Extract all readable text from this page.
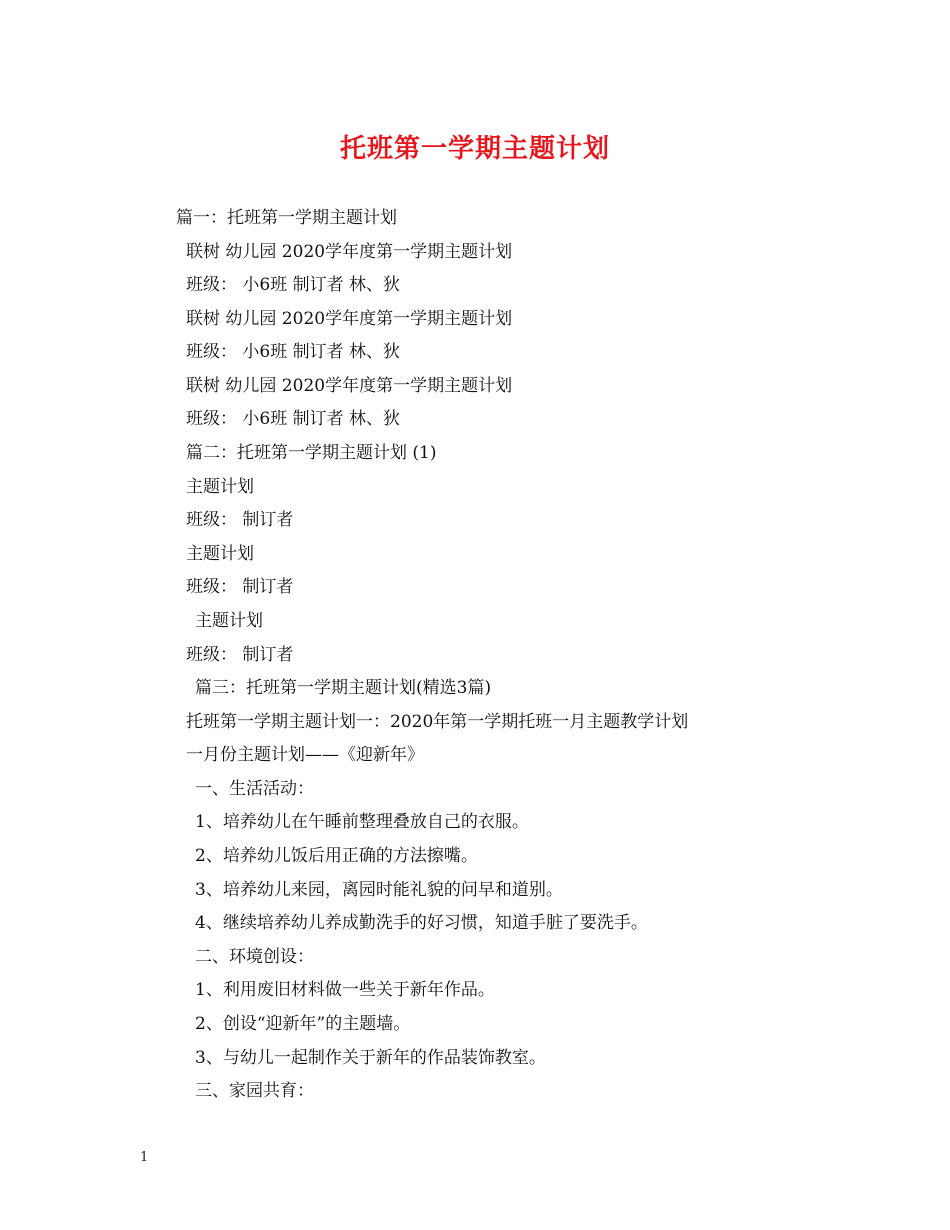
托班第一学期主题计划
篇一：托班第一学期主题计划
联树 幼儿园 2020学年度第一学期主题计划
班级： 小6班 制订者 林、狄
联树 幼儿园 2020学年度第一学期主题计划
班级： 小6班 制订者 林、狄
联树 幼儿园 2020学年度第一学期主题计划
班级： 小6班 制订者 林、狄
篇二：托班第一学期主题计划 (1)
主题计划
班级： 制订者
主题计划
班级： 制订者
主题计划
班级： 制订者
篇三：托班第一学期主题计划(精选3篇)
托班第一学期主题计划一：2020年第一学期托班一月主题教学计划
一月份主题计划——《迎新年》
一、生活活动：
1、培养幼儿在午睡前整理叠放自己的衣服。
2、培养幼儿饭后用正确的方法擦嘴。
3、培养幼儿来园，离园时能礼貌的问早和道别。
4、继续培养幼儿养成勤洗手的好习惯，知道手脏了要洗手。
二、环境创设：
1、利用废旧材料做一些关于新年作品。
2、创设“迎新年”的主题墙。
3、与幼儿一起制作关于新年的作品装饰教室。
三、家园共育：
1
